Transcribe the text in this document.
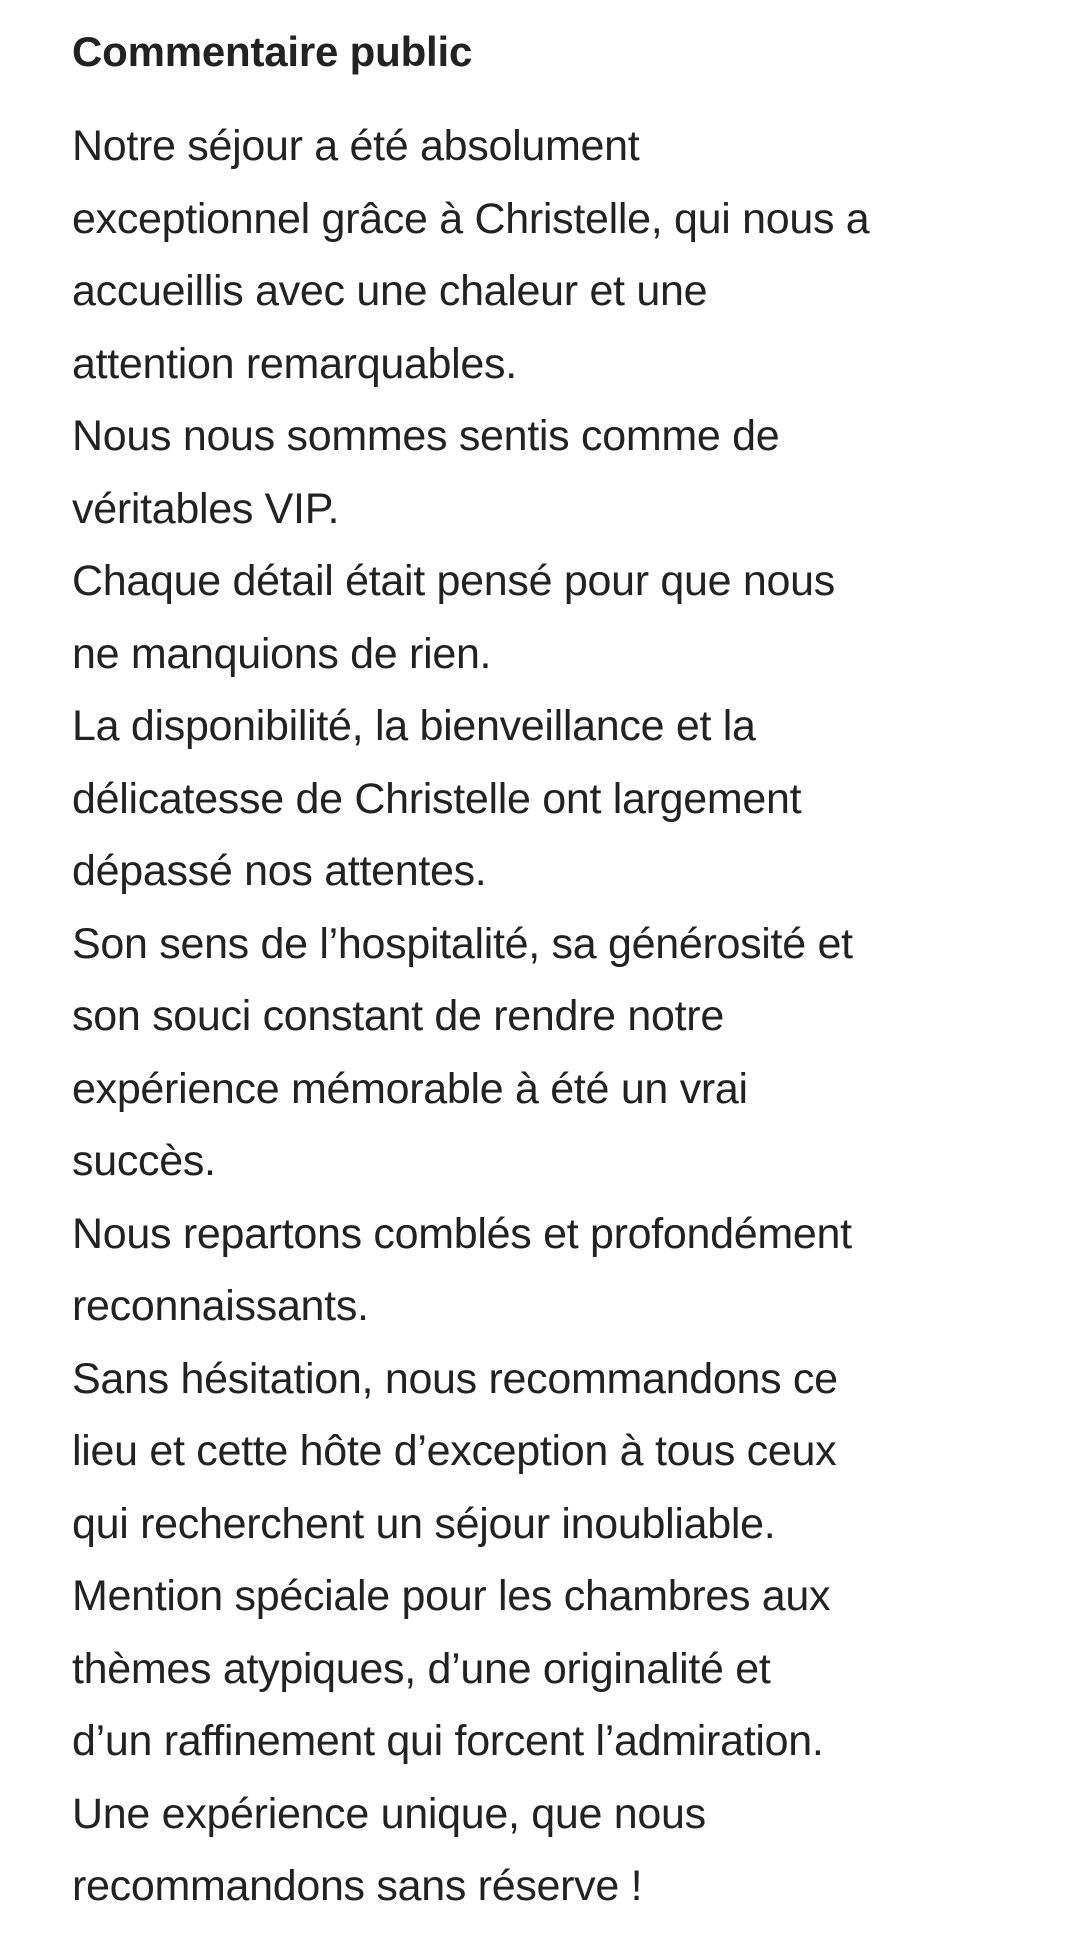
Commentaire public
Notre séjour a été absolument
exceptionnel grâce à Christelle, qui nous a
accueillis avec une chaleur et une
attention remarquables.
Nous nous sommes sentis comme de
véritables VIP.
Chaque détail était pensé pour que nous
ne manquions de rien.
La disponibilité, la bienveillance et la
délicatesse de Christelle ont largement
dépassé nos attentes.
Son sens de l’hospitalité, sa générosité et
son souci constant de rendre notre
expérience mémorable à été un vrai
succès.
Nous repartons comblés et profondément
reconnaissants.
Sans hésitation, nous recommandons ce
lieu et cette hôte d’exception à tous ceux
qui recherchent un séjour inoubliable.
Mention spéciale pour les chambres aux
thèmes atypiques, d’une originalité et
d’un raffinement qui forcent l’admiration.
Une expérience unique, que nous
recommandons sans réserve !
